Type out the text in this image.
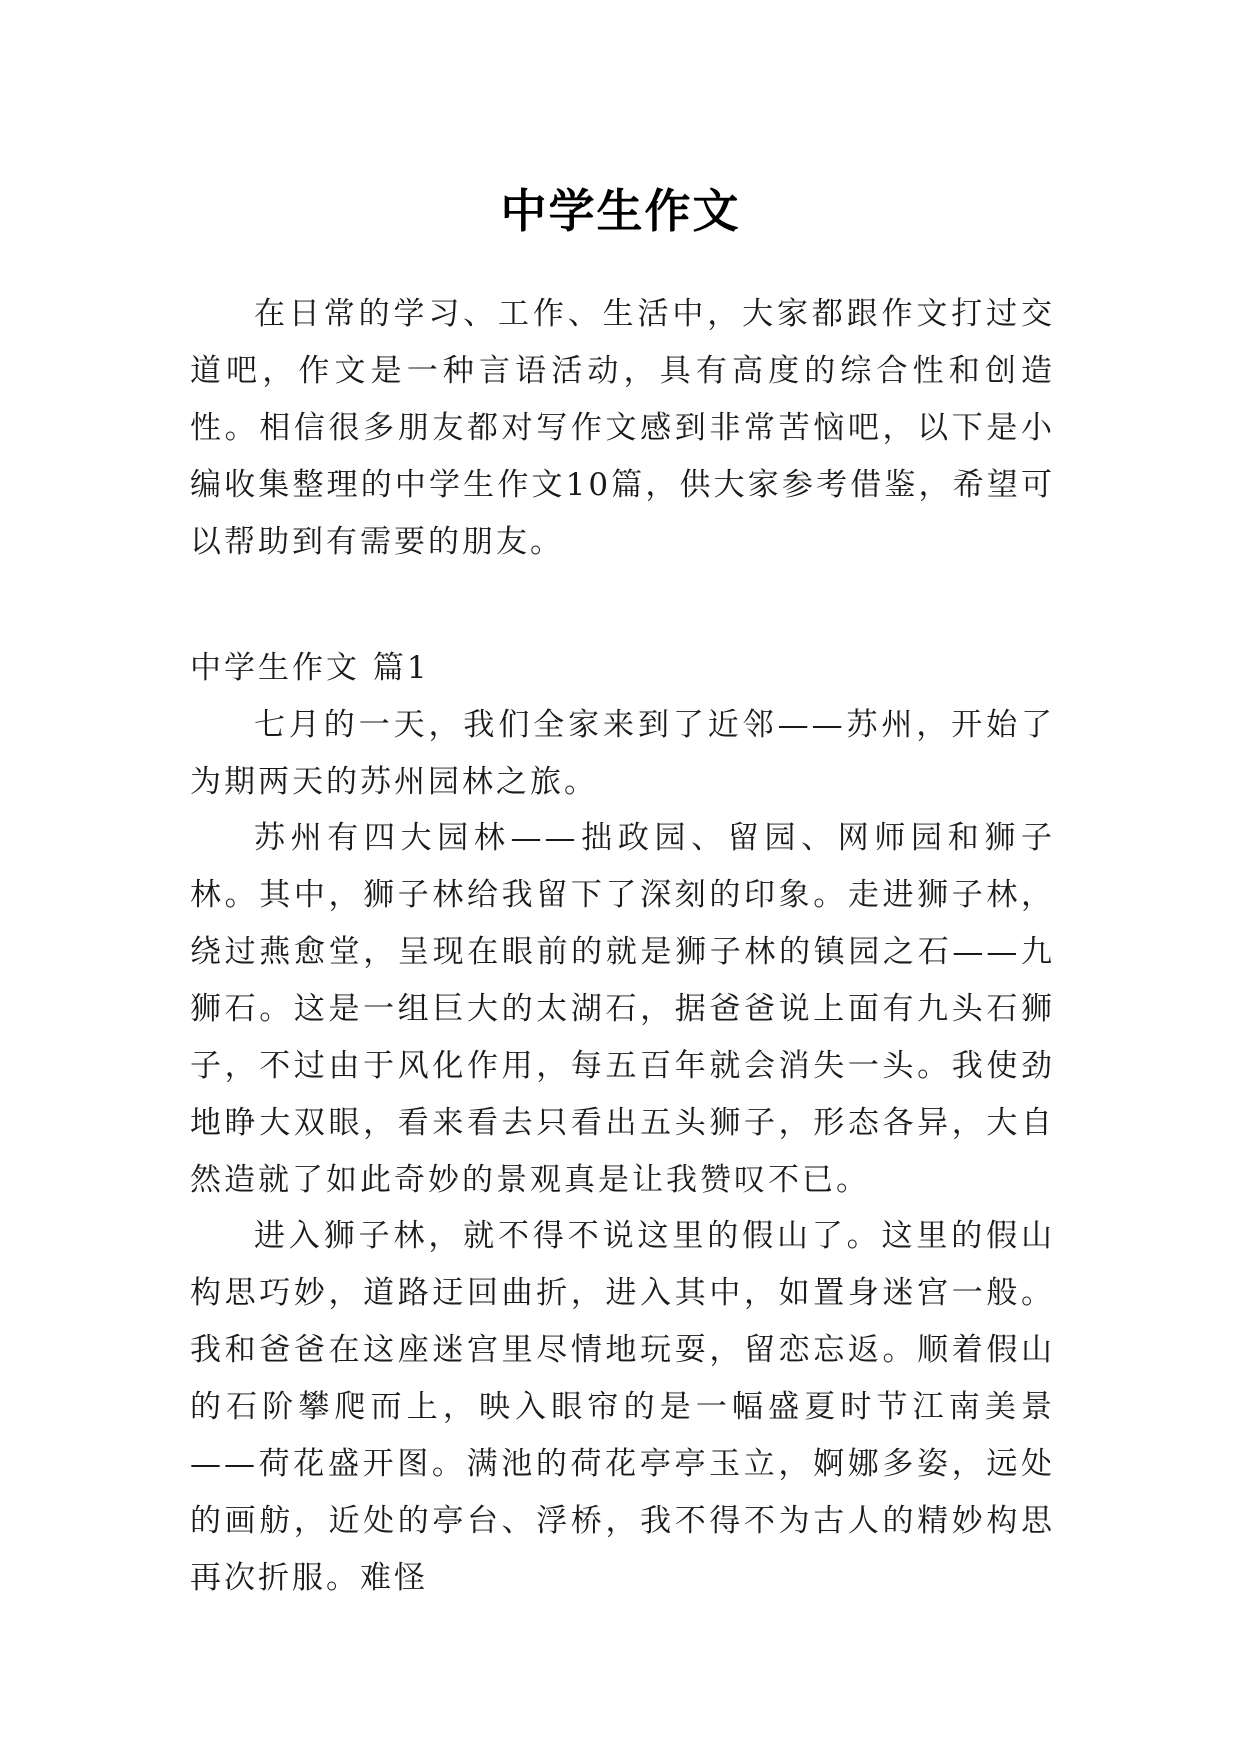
中学生作文

在日常的学习、工作、生活中，大家都跟作文打过交道吧，作文是一种言语活动，具有高度的综合性和创造性。相信很多朋友都对写作文感到非常苦恼吧，以下是小编收集整理的中学生作文10篇，供大家参考借鉴，希望可以帮助到有需要的朋友。

中学生作文 篇1

七月的一天，我们全家来到了近邻——苏州，开始了为期两天的苏州园林之旅。

苏州有四大园林——拙政园、留园、网师园和狮子林。其中，狮子林给我留下了深刻的印象。走进狮子林，绕过燕愈堂，呈现在眼前的就是狮子林的镇园之石——九狮石。这是一组巨大的太湖石，据爸爸说上面有九头石狮子，不过由于风化作用，每五百年就会消失一头。我使劲地睁大双眼，看来看去只看出五头狮子，形态各异，大自然造就了如此奇妙的景观真是让我赞叹不已。

进入狮子林，就不得不说这里的假山了。这里的假山构思巧妙，道路迂回曲折，进入其中，如置身迷宫一般。我和爸爸在这座迷宫里尽情地玩耍，留恋忘返。顺着假山的石阶攀爬而上，映入眼帘的是一幅盛夏时节江南美景——荷花盛开图。满池的荷花亭亭玉立，婀娜多姿，远处的画舫，近处的亭台、浮桥，我不得不为古人的精妙构思再次折服。难怪
